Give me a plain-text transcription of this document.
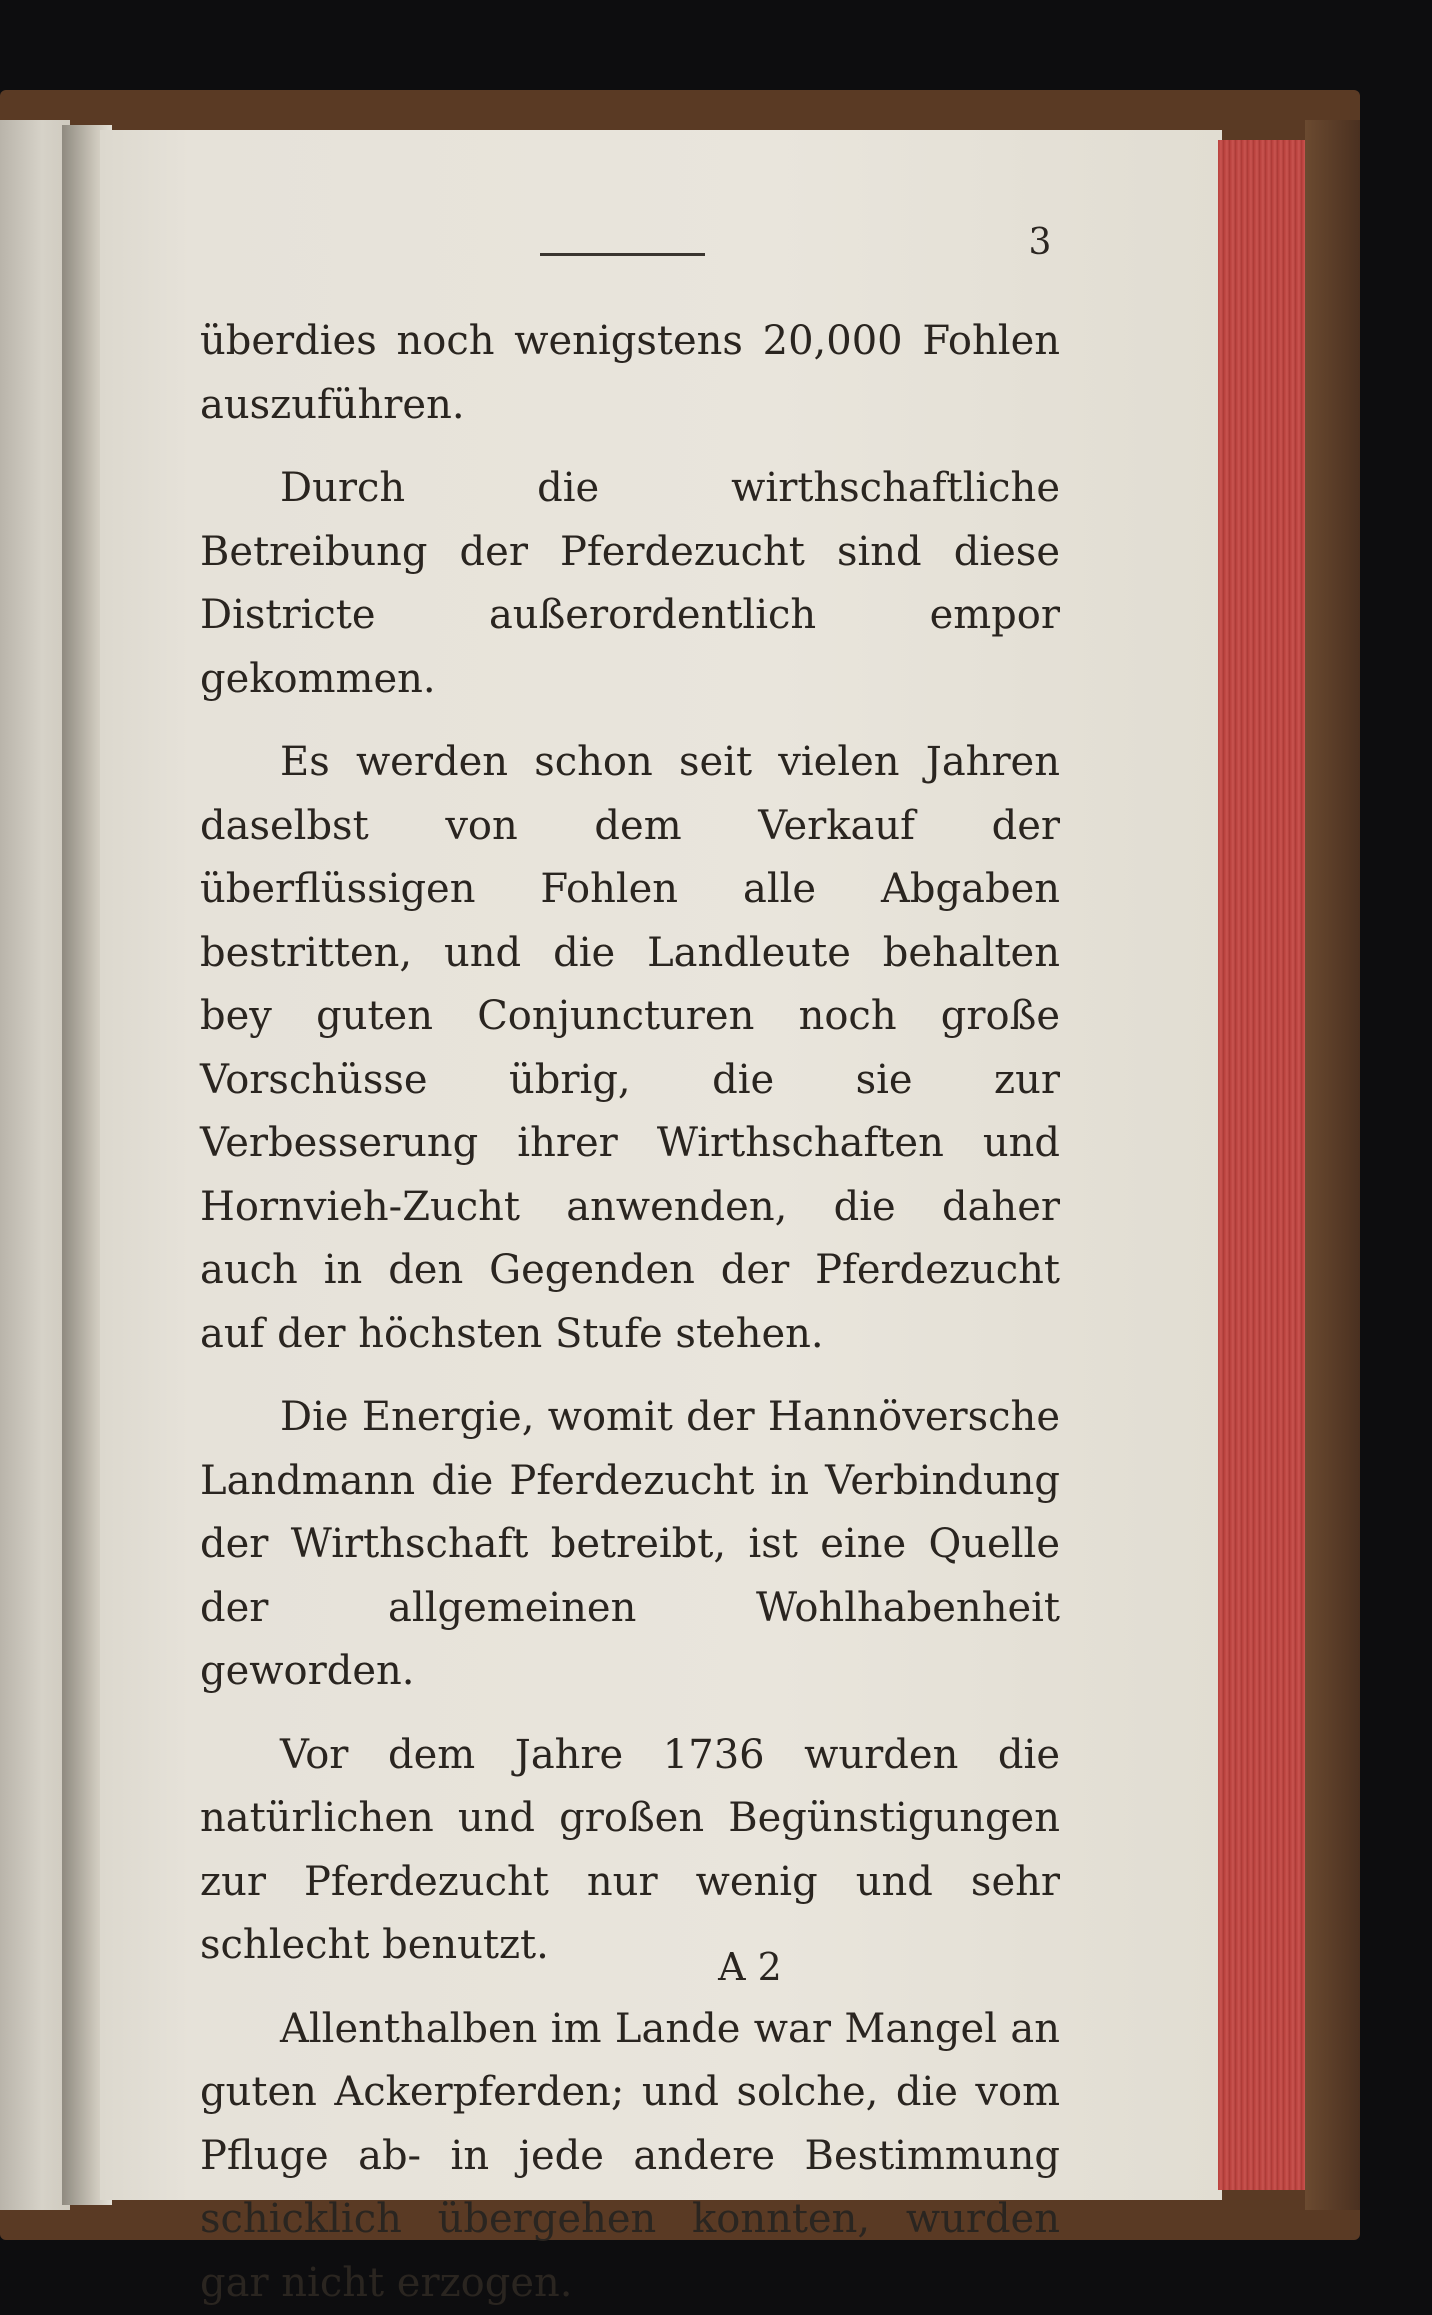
3

überdies noch wenigstens 20,000 Fohlen auszuführen.

Durch die wirthschaftliche Betreibung der Pferdezucht sind diese Districte außerordentlich empor gekommen.

Es werden schon seit vielen Jahren daselbst von dem Verkauf der überflüssigen Fohlen alle Abgaben bestritten, und die Landleute behalten bey guten Conjuncturen noch große Vorschüsse übrig, die sie zur Verbesserung ihrer Wirthschaften und Hornvieh-Zucht anwenden, die daher auch in den Gegenden der Pferdezucht auf der höchsten Stufe stehen.

Die Energie, womit der Hannöversche Landmann die Pferdezucht in Verbindung der Wirthschaft betreibt, ist eine Quelle der allgemeinen Wohlhabenheit geworden.

Vor dem Jahre 1736 wurden die natürlichen und großen Begünstigungen zur Pferdezucht nur wenig und sehr schlecht benutzt.

Allenthalben im Lande war Mangel an guten Ackerpferden; und solche, die vom Pfluge ab- in jede andere Bestimmung schicklich übergehen konnten, wurden gar nicht erzogen.

A 2
